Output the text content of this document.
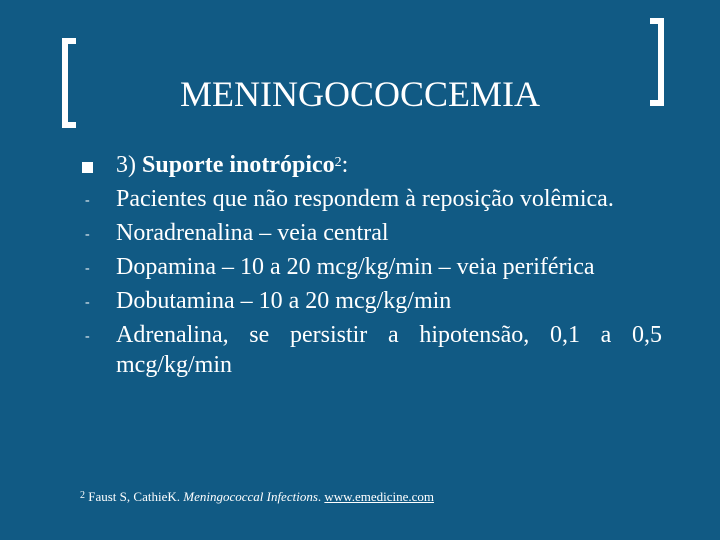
MENINGOCOCCEMIA
3) Suporte inotrópico$^2$:
-	Pacientes que não respondem à reposição volêmica.
-	Noradrenalina – veia central
-	Dopamina – 10 a 20 mcg/kg/min – veia periférica
-	Dobutamina – 10 a 20 mcg/kg/min
-	Adrenalina, se persistir a hipotensão, 0,1 a 0,5 mcg/kg/min
$^2$ Faust S, CathieK. Meningococcal Infections. www.emedicine.com
